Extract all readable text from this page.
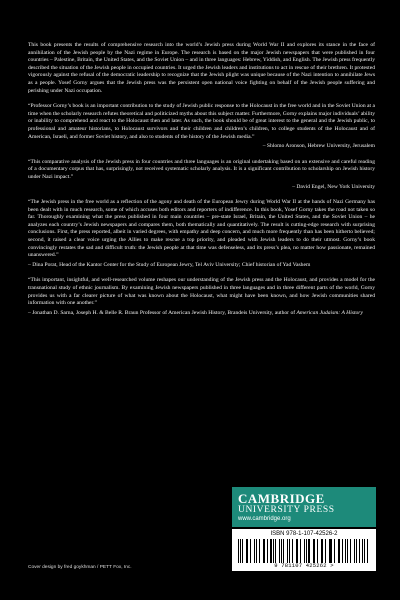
This book presents the results of comprehensive research into the world’s Jewish press during World War II and explores its stance in the face of annihilation of the Jewish people by the Nazi regime in Europe. The research is based on the major Jewish newspapers that were published in four countries – Palestine, Britain, the United States, and the Soviet Union – and in three languages: Hebrew, Yiddish, and English. The Jewish press frequently described the situation of the Jewish people in occupied countries. It urged the Jewish leaders and institutions to act in rescue of their brethren. It protested vigorously against the refusal of the democratic leadership to recognize that the Jewish plight was unique because of the Nazi intention to annihilate Jews as a people. Yosef Gorny argues that the Jewish press was the persistent open national voice fighting on behalf of the Jewish people suffering and perishing under Nazi occupation.

“Professor Gorny’s book is an important contribution to the study of Jewish public response to the Holocaust in the free world and in the Soviet Union at a time when the scholarly research refutes theoretical and politicized myths about this subject matter. Furthermore, Gorny explains major individuals’ ability or inability to comprehend and react to the Holocaust then and later. As such, the book should be of great interest to the general and the Jewish public, to professional and amateur historians, to Holocaust survivors and their children and children’s children, to college students of the Holocaust and of American, Israeli, and former Soviet history, and also to students of the history of the Jewish media.”

– Shlomo Aronson, Hebrew University, Jerusalem

“This comparative analysis of the Jewish press in four countries and three languages is an original undertaking based on an extensive and careful reading of a documentary corpus that has, surprisingly, not received systematic scholarly analysis. It is a significant contribution to scholarship on Jewish history under Nazi impact.”

– David Engel, New York University

“The Jewish press in the free world as a reflection of the agony and death of the European Jewry during World War II at the hands of Nazi Germany has been dealt with in much research, some of which accuses both editors and reporters of indifference. In this book, Yosef Gorny takes the road not taken so far. Thoroughly examining what the press published in four main countries – pre-state Israel, Britain, the United States, and the Soviet Union – he analyzes each country’s Jewish newspapers and compares them, both thematically and quantitatively. The result is cutting-edge research with surprising conclusions. First, the press reported, albeit in varied degrees, with empathy and deep concern, and much more frequently than has been hitherto believed; second, it raised a clear voice urging the Allies to make rescue a top priority, and pleaded with Jewish leaders to do their utmost. Gorny’s book convincingly restates the sad and difficult truth: the Jewish people at that time was defenseless, and its press’s plea, no matter how passionate, remained unanswered.”

– Dina Porat, Head of the Kantor Center for the Study of European Jewry, Tel Aviv University; Chief historian of Yad Vashem

“This important, insightful, and well-researched volume reshapes our understanding of the Jewish press and the Holocaust, and provides a model for the transnational study of ethnic journalism. By examining Jewish newspapers published in three languages and in three different parts of the world, Gorny provides us with a far clearer picture of what was known about the Holocaust, what might have been known, and how Jewish communities shared information with one another.”

– Jonathan D. Sarna, Joseph H. & Belle R. Braun Professor of American Jewish History, Brandeis University, author of American Judaism: A History
CAMBRIDGE
UNIVERSITY PRESS
www.cambridge.org
ISBN 978-1-107-42526-2
9 781107 425262 >
Cover design by fred goykhman / PETT Fox, Inc.
